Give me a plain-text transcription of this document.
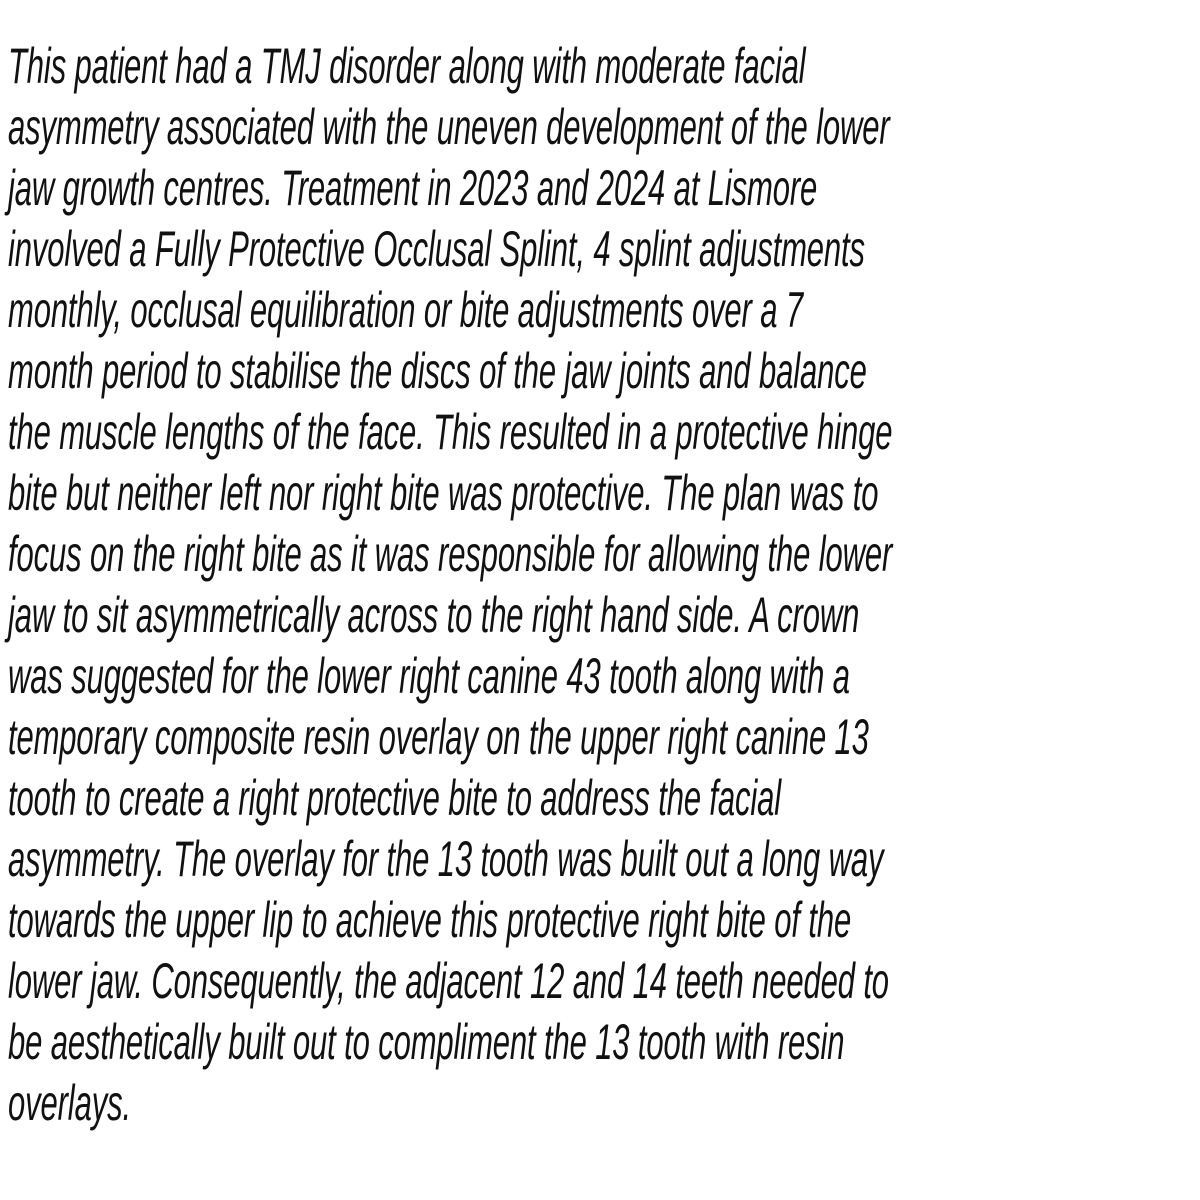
This patient had a TMJ disorder along with moderate facial
asymmetry associated with the uneven development of the lower
jaw growth centres. Treatment in 2023 and 2024 at Lismore
involved a Fully Protective Occlusal Splint, 4 splint adjustments
monthly, occlusal equilibration or bite adjustments over a 7
month period to stabilise the discs of the jaw joints and balance
the muscle lengths of the face. This resulted in a protective hinge
bite but neither left nor right bite was protective. The plan was to
focus on the right bite as it was responsible for allowing the lower
jaw to sit asymmetrically across to the right hand side. A crown
was suggested for the lower right canine 43 tooth along with a
temporary composite resin overlay on the upper right canine 13
tooth to create a right protective bite to address the facial
asymmetry. The overlay for the 13 tooth was built out a long way
towards the upper lip to achieve this protective right bite of the
lower jaw. Consequently, the adjacent 12 and 14 teeth needed to
be aesthetically built out to compliment the 13 tooth with resin
overlays.
